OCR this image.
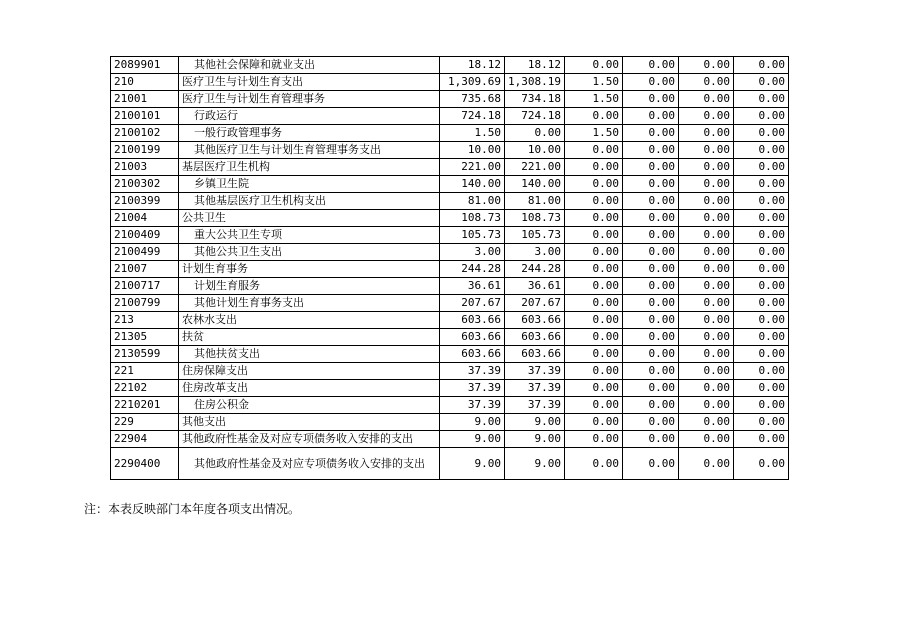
2089901	其他社会保障和就业支出	18.12	18.12	0.00	0.00	0.00	0.00
210	医疗卫生与计划生育支出	1,309.69	1,308.19	1.50	0.00	0.00	0.00
21001	医疗卫生与计划生育管理事务	735.68	734.18	1.50	0.00	0.00	0.00
2100101	行政运行	724.18	724.18	0.00	0.00	0.00	0.00
2100102	一般行政管理事务	1.50	0.00	1.50	0.00	0.00	0.00
2100199	其他医疗卫生与计划生育管理事务支出	10.00	10.00	0.00	0.00	0.00	0.00
21003	基层医疗卫生机构	221.00	221.00	0.00	0.00	0.00	0.00
2100302	乡镇卫生院	140.00	140.00	0.00	0.00	0.00	0.00
2100399	其他基层医疗卫生机构支出	81.00	81.00	0.00	0.00	0.00	0.00
21004	公共卫生	108.73	108.73	0.00	0.00	0.00	0.00
2100409	重大公共卫生专项	105.73	105.73	0.00	0.00	0.00	0.00
2100499	其他公共卫生支出	3.00	3.00	0.00	0.00	0.00	0.00
21007	计划生育事务	244.28	244.28	0.00	0.00	0.00	0.00
2100717	计划生育服务	36.61	36.61	0.00	0.00	0.00	0.00
2100799	其他计划生育事务支出	207.67	207.67	0.00	0.00	0.00	0.00
213	农林水支出	603.66	603.66	0.00	0.00	0.00	0.00
21305	扶贫	603.66	603.66	0.00	0.00	0.00	0.00
2130599	其他扶贫支出	603.66	603.66	0.00	0.00	0.00	0.00
221	住房保障支出	37.39	37.39	0.00	0.00	0.00	0.00
22102	住房改革支出	37.39	37.39	0.00	0.00	0.00	0.00
2210201	住房公积金	37.39	37.39	0.00	0.00	0.00	0.00
229	其他支出	9.00	9.00	0.00	0.00	0.00	0.00
22904	其他政府性基金及对应专项债务收入安排的支出	9.00	9.00	0.00	0.00	0.00	0.00
2290400	其他政府性基金及对应专项债务收入安排的支出	9.00	9.00	0.00	0.00	0.00	0.00
注：本表反映部门本年度各项支出情况。
